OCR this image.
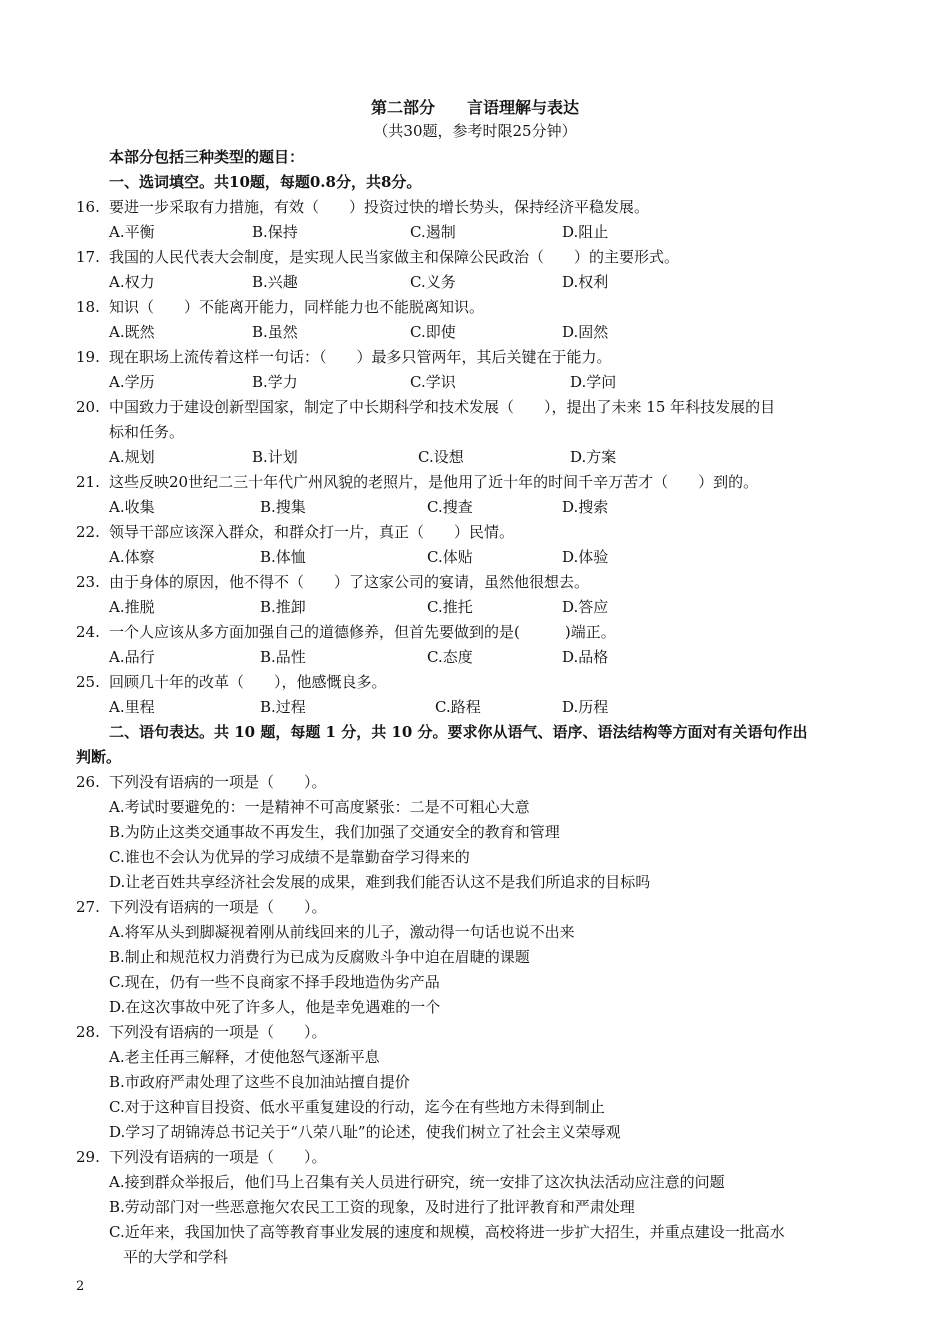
第二部分　　言语理解与表达
（共30题，参考时限25分钟）
本部分包括三种类型的题目：
一、选词填空。共10题，每题0.8分，共8分。
16. 要进一步采取有力措施，有效（　　）投资过快的增长势头，保持经济平稳发展。
A.平衡	B.保持	C.遏制	D.阻止
17. 我国的人民代表大会制度，是实现人民当家做主和保障公民政治（　　）的主要形式。
A.权力	B.兴趣	C.义务	D.权利
18. 知识（　　）不能离开能力，同样能力也不能脱离知识。
A.既然	B.虽然	C.即使	D.固然
19. 现在职场上流传着这样一句话：（　　）最多只管两年，其后关键在于能力。
A.学历	B.学力	C.学识	D.学问
20. 中国致力于建设创新型国家，制定了中长期科学和技术发展（　　），提出了未来 15 年科技发展的目
标和任务。
A.规划	B.计划	C.设想	D.方案
21. 这些反映20世纪二三十年代广州风貌的老照片，是他用了近十年的时间千辛万苦才（　　）到的。
A.收集	B.搜集	C.搜查	D.搜索
22. 领导干部应该深入群众，和群众打一片，真正（　　）民情。
A.体察	B.体恤	C.体贴	D.体验
23. 由于身体的原因，他不得不（　　）了这家公司的宴请，虽然他很想去。
A.推脱	B.推卸	C.推托	D.答应
24. 一个人应该从多方面加强自己的道德修养，但首先要做到的是(　　　)端正。
A.品行	B.品性	C.态度	D.品格
25. 回顾几十年的改革（　　），他感慨良多。
A.里程	B.过程	C.路程	D.历程
二、语句表达。共 10 题，每题 1 分，共 10 分。要求你从语气、语序、语法结构等方面对有关语句作出
判断。
26. 下列没有语病的一项是（　　）。
A.考试时要避免的：一是精神不可高度紧张：二是不可粗心大意
B.为防止这类交通事故不再发生，我们加强了交通安全的教育和管理
C.谁也不会认为优异的学习成绩不是靠勤奋学习得来的
D.让老百姓共享经济社会发展的成果，难到我们能否认这不是我们所追求的目标吗
27. 下列没有语病的一项是（　　）。
A.将军从头到脚凝视着刚从前线回来的儿子，激动得一句话也说不出来
B.制止和规范权力消费行为已成为反腐败斗争中迫在眉睫的课题
C.现在，仍有一些不良商家不择手段地造伪劣产品
D.在这次事故中死了许多人，他是幸免遇难的一个
28. 下列没有语病的一项是（　　）。
A.老主任再三解释，才使他怒气逐渐平息
B.市政府严肃处理了这些不良加油站擅自提价
C.对于这种盲目投资、低水平重复建设的行动，迄今在有些地方未得到制止
D.学习了胡锦涛总书记关于“八荣八耻”的论述，使我们树立了社会主义荣辱观
29. 下列没有语病的一项是（　　）。
A.接到群众举报后，他们马上召集有关人员进行研究，统一安排了这次执法活动应注意的问题
B.劳动部门对一些恶意拖欠农民工工资的现象，及时进行了批评教育和严肃处理
C.近年来，我国加快了高等教育事业发展的速度和规模，高校将进一步扩大招生，并重点建设一批高水
平的大学和学科
2
